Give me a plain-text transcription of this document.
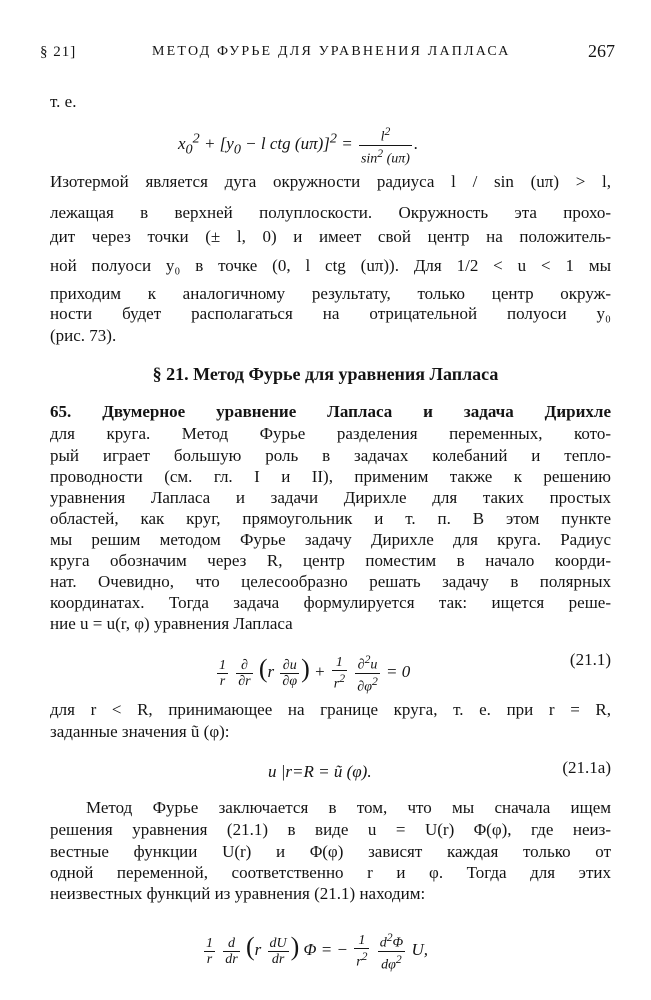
§ 21]	МЕТОД ФУРЬЕ ДЛЯ УРАВНЕНИЯ ЛАПЛАСА	267
т. е.
$x_0^2 + [y_0 - l$ ctg $(u\pi)]^2 = \frac{l^2}{\sin^2 (u\pi)}$ .
Изотермой является дуга окружности радиуса l / sin (uπ) > l,
лежащая в верхней полуплоскости. Окружность эта прохо-
дит через точки (± l, 0) и имеет свой центр на положитель-
ной полуоси y₀ в точке (0, l ctg (uπ)). Для 1/2 < u < 1 мы
приходим к аналогичному результату, только центр окруж-
ности будет располагаться на отрицательной полуоси y₀
(рис. 73).
§ 21. Метод Фурье для уравнения Лапласа
65. Двумерное уравнение Лапласа и задача Дирихле
для круга. Метод Фурье разделения переменных, кото-
рый играет большую роль в задачах колебаний и тепло-
проводности (см. гл. I и II), применим также к решению
уравнения Лапласа и задачи Дирихле для таких простых
областей, как круг, прямоугольник и т. п. В этом пункте
мы решим методом Фурье задачу Дирихле для круга. Радиус
круга обозначим через R, центр поместим в начало коорди-
нат. Очевидно, что целесообразно решать задачу в полярных
координатах. Тогда задача формулируется так: ищется реше-
ние u = u(r, φ) уравнения Лапласа
$\frac{1}{r}$
$\frac{\partial}{\partial r} (r \frac{\partial u}{\partial\varphi}$ ) + $\frac{1}{r^2}$
$\frac{\partial^2u}{\partial\varphi^2} = 0$
(21.1)
для r < R, принимающее на границе круга, т. е. при r = R,
заданные значения ũ (φ):
u |r=R = ũ (φ).	(21.1a)
Метод Фурье заключается в том, что мы сначала ищем
решения уравнения (21.1) в виде u = U(r) Φ(φ), где неиз-
вестные функции U(r) и Φ(φ) зависят каждая только от
одной переменной, соответственно r и φ. Тогда для этих
неизвестных функций из уравнения (21.1) находим:
$\frac{1}{r}$
$\frac{d}{dr} (r \frac{dU}{dr}$ ) Φ = − $\frac{1}{r^2}$
$\frac{d^2\Phi}{d\varphi^2} U$,
